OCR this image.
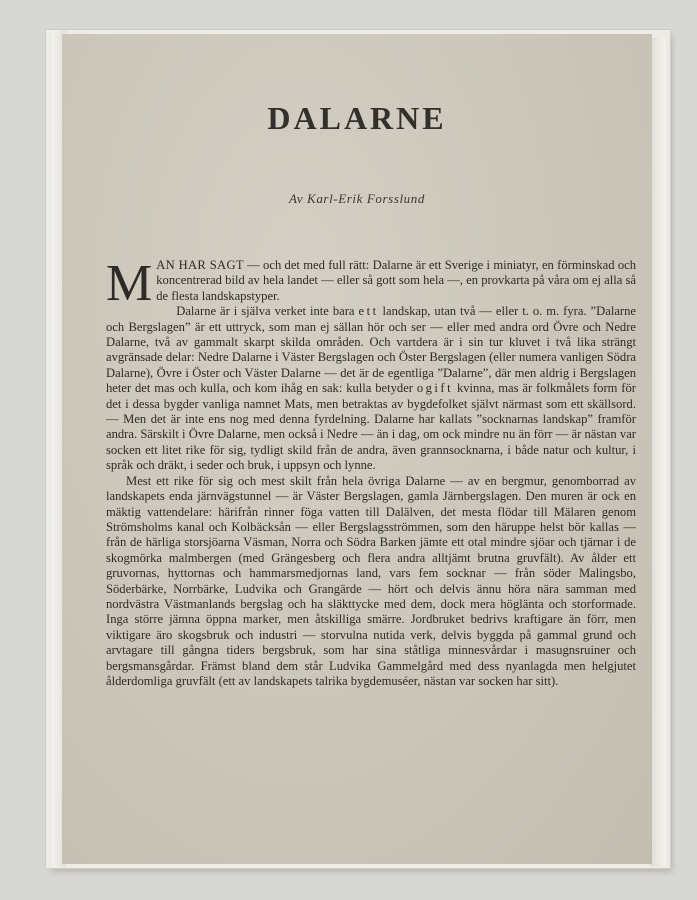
DALARNE
Av Karl-Erik Forsslund

MAN HAR SAGT — och det med full rätt: Dalarne är ett Sverige i miniatyr, en förminskad och koncentrerad bild av hela landet — eller så gott som hela —, en provkarta på våra om ej alla så de flesta landskapstyper.

Dalarne är i själva verket inte bara ett landskap, utan två — eller t. o. m. fyra. ”Dalarne och Bergslagen” är ett uttryck, som man ej sällan hör och ser — eller med andra ord Övre och Nedre Dalarne, två av gammalt skarpt skilda områden. Och vartdera är i sin tur kluvet i två lika strängt avgränsade delar: Nedre Dalarne i Väster Bergslagen och Öster Bergslagen (eller numera vanligen Södra Dalarne), Övre i Öster och Väster Dalarne — det är de egentliga ”Dalarne”, där men aldrig i Bergslagen heter det mas och kulla, och kom ihåg en sak: kulla betyder ogift kvinna, mas är folkmålets form för det i dessa bygder vanliga namnet Mats, men betraktas av bygdefolket självt närmast som ett skällsord. — Men det är inte ens nog med denna fyrdelning. Dalarne har kallats ”socknarnas landskap” framför andra. Särskilt i Övre Dalarne, men också i Nedre — än i dag, om ock mindre nu än förr — är nästan var socken ett litet rike för sig, tydligt skild från de andra, även grannsocknarna, i både natur och kultur, i språk och dräkt, i seder och bruk, i uppsyn och lynne.

Mest ett rike för sig och mest skilt från hela övriga Dalarne — av en bergmur, genomborrad av landskapets enda järnvägstunnel — är Väster Bergslagen, gamla Järnbergslagen. Den muren är ock en mäktig vattendelare: härifrån rinner föga vatten till Dalälven, det mesta flödar till Mälaren genom Strömsholms kanal och Kolbäcksån — eller Bergslagsströmmen, som den häruppe helst bör kallas — från de härliga storsjöarna Väsman, Norra och Södra Barken jämte ett otal mindre sjöar och tjärnar i de skogmörka malmbergen (med Grängesberg och flera andra alltjämt brutna gruvfält). Av ålder ett gruvornas, hyttornas och hammarsmedjornas land, vars fem socknar — från söder Malingsbo, Söderbärke, Norrbärke, Ludvika och Grangärde — hört och delvis ännu höra nära samman med nordvästra Västmanlands bergslag och ha släkttycke med dem, dock mera höglänta och storformade. Inga större jämna öppna marker, men åtskilliga smärre. Jordbruket bedrivs kraftigare än förr, men viktigare äro skogsbruk och industri — storvulna nutida verk, delvis byggda på gammal grund och arvtagare till gångna tiders bergsbruk, som har sina ståtliga minnesvårdar i masugnsruiner och bergsmansgårdar. Främst bland dem står Ludvika Gammelgård med dess nyanlagda men helgjutet ålderdomliga gruvfält (ett av landskapets talrika bygdemuséer, nästan var socken har sitt).
